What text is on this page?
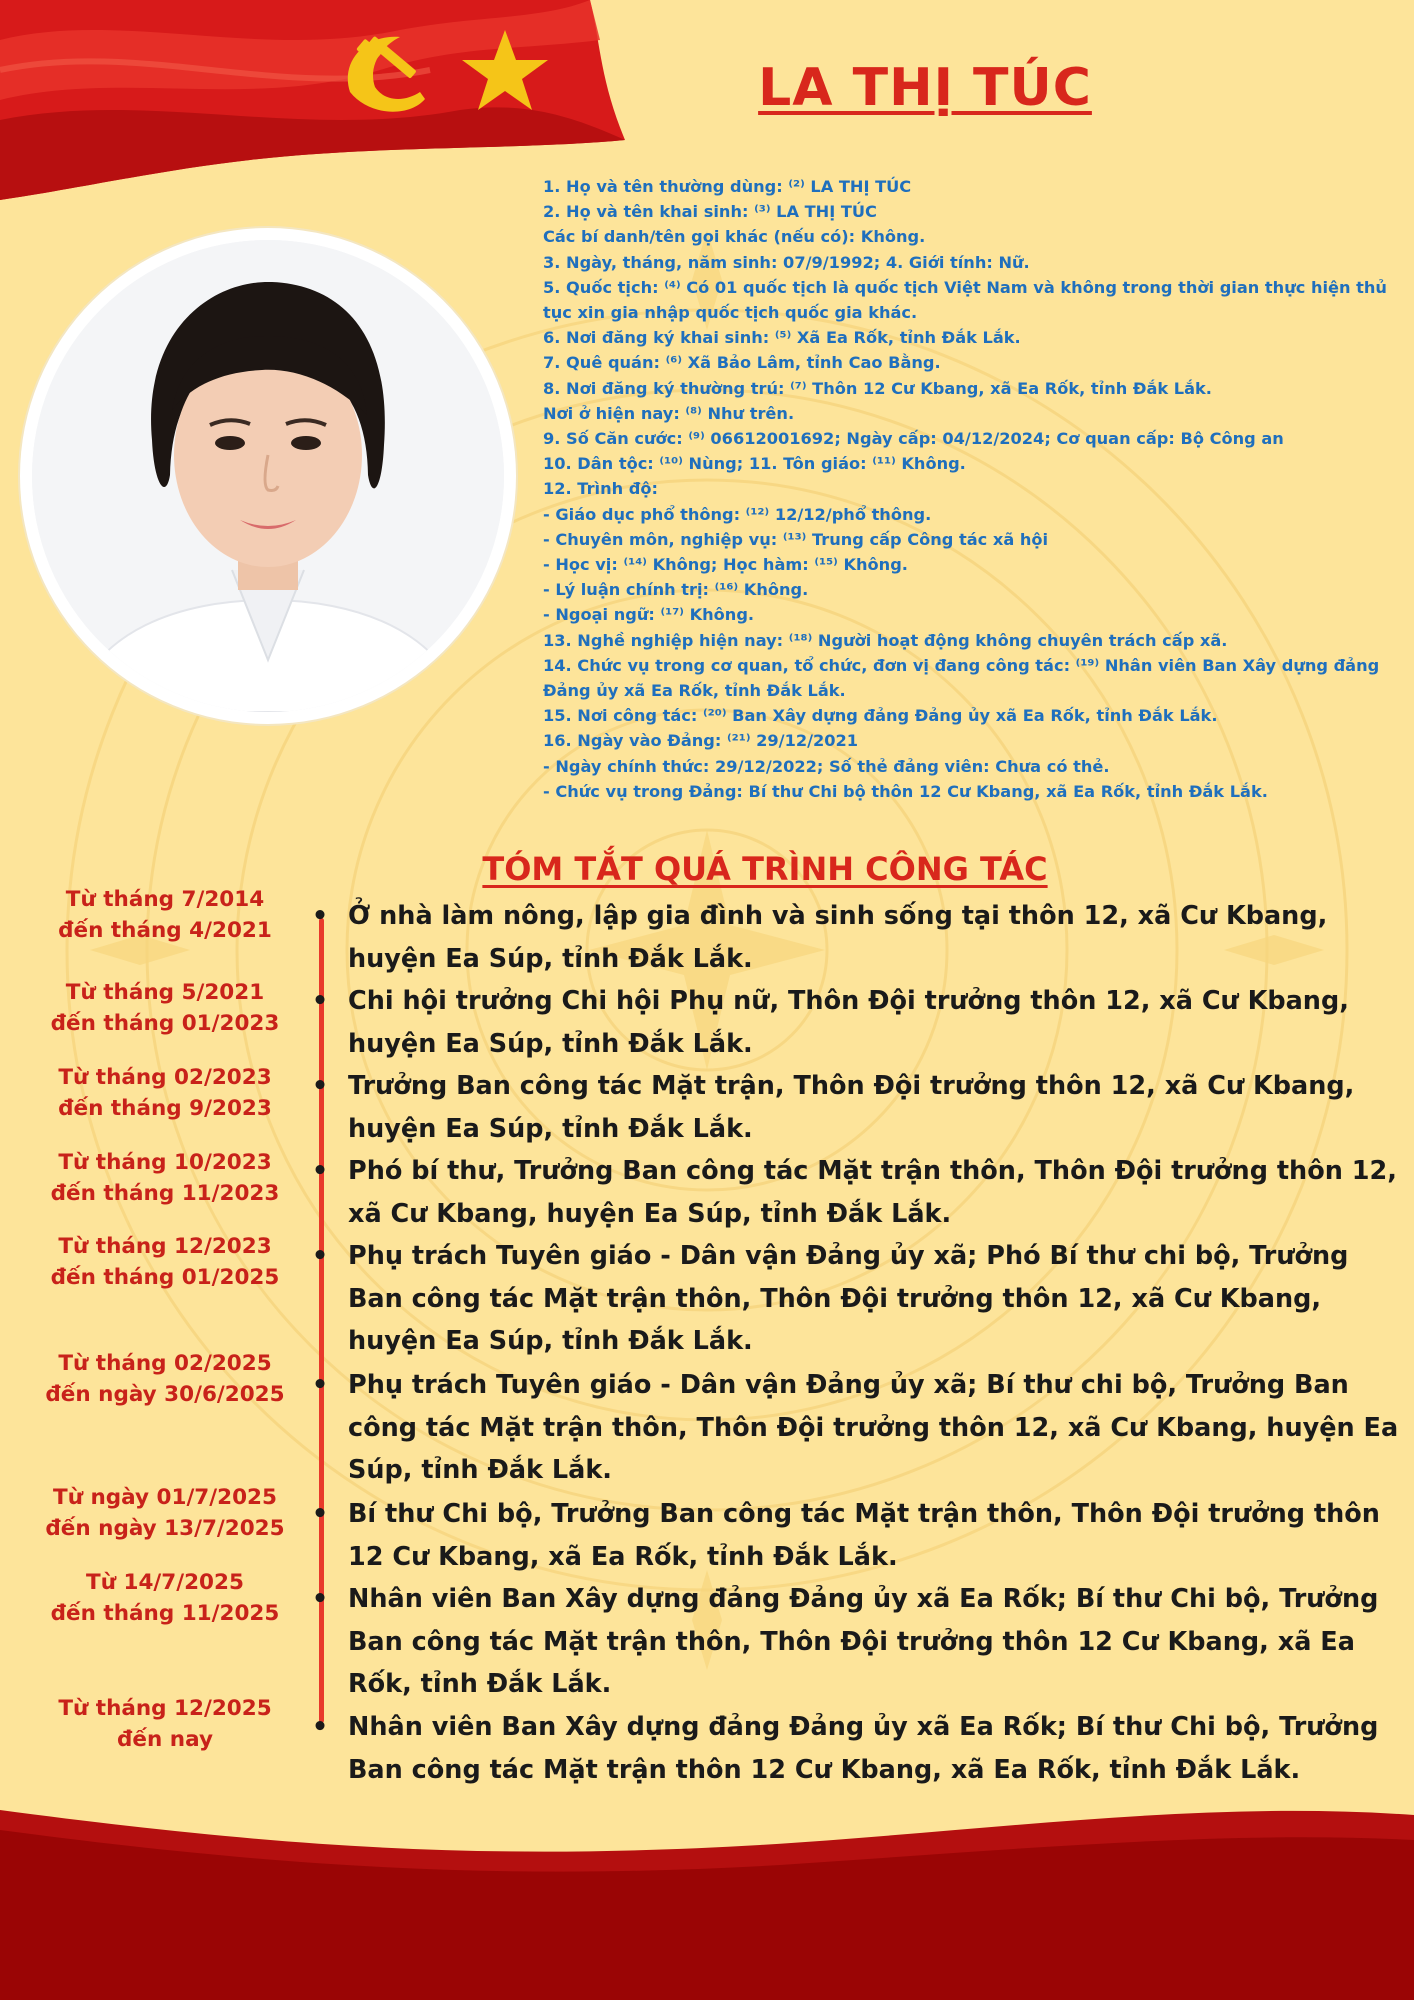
LA THỊ TÚC
1. Họ và tên thường dùng: ⁽²⁾ LA THỊ TÚC
2. Họ và tên khai sinh: ⁽³⁾ LA THỊ TÚC
Các bí danh/tên gọi khác (nếu có): Không.
3. Ngày, tháng, năm sinh: 07/9/1992; 4. Giới tính: Nữ.
5. Quốc tịch: ⁽⁴⁾ Có 01 quốc tịch là quốc tịch Việt Nam và không trong thời gian thực hiện thủ tục xin gia nhập quốc tịch quốc gia khác.
6. Nơi đăng ký khai sinh: ⁽⁵⁾ Xã Ea Rốk, tỉnh Đắk Lắk.
7. Quê quán: ⁽⁶⁾ Xã Bảo Lâm, tỉnh Cao Bằng.
8. Nơi đăng ký thường trú: ⁽⁷⁾ Thôn 12 Cư Kbang, xã Ea Rốk, tỉnh Đắk Lắk.
Nơi ở hiện nay: ⁽⁸⁾ Như trên.
9. Số Căn cước: ⁽⁹⁾ 06612001692; Ngày cấp: 04/12/2024; Cơ quan cấp: Bộ Công an
10. Dân tộc: ⁽¹⁰⁾ Nùng; 11. Tôn giáo: ⁽¹¹⁾ Không.
12. Trình độ:
- Giáo dục phổ thông: ⁽¹²⁾ 12/12/phổ thông.
- Chuyên môn, nghiệp vụ: ⁽¹³⁾ Trung cấp Công tác xã hội
- Học vị: ⁽¹⁴⁾ Không; Học hàm: ⁽¹⁵⁾ Không.
- Lý luận chính trị: ⁽¹⁶⁾ Không.
- Ngoại ngữ: ⁽¹⁷⁾ Không.
13. Nghề nghiệp hiện nay: ⁽¹⁸⁾ Người hoạt động không chuyên trách cấp xã.
14. Chức vụ trong cơ quan, tổ chức, đơn vị đang công tác: ⁽¹⁹⁾ Nhân viên Ban Xây dựng đảng Đảng ủy xã Ea Rốk, tỉnh Đắk Lắk.
15. Nơi công tác: ⁽²⁰⁾ Ban Xây dựng đảng Đảng ủy xã Ea Rốk, tỉnh Đắk Lắk.
16. Ngày vào Đảng: ⁽²¹⁾ 29/12/2021
- Ngày chính thức: 29/12/2022; Số thẻ đảng viên: Chưa có thẻ.
- Chức vụ trong Đảng: Bí thư Chi bộ thôn 12 Cư Kbang, xã Ea Rốk, tỉnh Đắk Lắk.
TÓM TẮT QUÁ TRÌNH CÔNG TÁC
Từ tháng 7/2014
đến tháng 4/2021
Từ tháng 5/2021
đến tháng 01/2023
Từ tháng 02/2023
đến tháng 9/2023
Từ tháng 10/2023
đến tháng 11/2023
Từ tháng 12/2023
đến tháng 01/2025
Từ tháng 02/2025
đến ngày 30/6/2025
Từ ngày 01/7/2025
đến ngày 13/7/2025
Từ 14/7/2025
đến tháng 11/2025
Từ tháng 12/2025
đến nay
• Ở nhà làm nông, lập gia đình và sinh sống tại thôn 12, xã Cư Kbang, huyện Ea Súp, tỉnh Đắk Lắk.
• Chi hội trưởng Chi hội Phụ nữ, Thôn Đội trưởng thôn 12, xã Cư Kbang, huyện Ea Súp, tỉnh Đắk Lắk.
• Trưởng Ban công tác Mặt trận, Thôn Đội trưởng thôn 12, xã Cư Kbang, huyện Ea Súp, tỉnh Đắk Lắk.
• Phó bí thư, Trưởng Ban công tác Mặt trận thôn, Thôn Đội trưởng thôn 12, xã Cư Kbang, huyện Ea Súp, tỉnh Đắk Lắk.
• Phụ trách Tuyên giáo - Dân vận Đảng ủy xã; Phó Bí thư chi bộ, Trưởng Ban công tác Mặt trận thôn, Thôn Đội trưởng thôn 12, xã Cư Kbang, huyện Ea Súp, tỉnh Đắk Lắk.
• Phụ trách Tuyên giáo - Dân vận Đảng ủy xã; Bí thư chi bộ, Trưởng Ban công tác Mặt trận thôn, Thôn Đội trưởng thôn 12, xã Cư Kbang, huyện Ea Súp, tỉnh Đắk Lắk.
• Bí thư Chi bộ, Trưởng Ban công tác Mặt trận thôn, Thôn Đội trưởng thôn 12 Cư Kbang, xã Ea Rốk, tỉnh Đắk Lắk.
• Nhân viên Ban Xây dựng đảng Đảng ủy xã Ea Rốk; Bí thư Chi bộ, Trưởng Ban công tác Mặt trận thôn, Thôn Đội trưởng thôn 12 Cư Kbang, xã Ea Rốk, tỉnh Đắk Lắk.
• Nhân viên Ban Xây dựng đảng Đảng ủy xã Ea Rốk; Bí thư Chi bộ, Trưởng Ban công tác Mặt trận thôn 12 Cư Kbang, xã Ea Rốk, tỉnh Đắk Lắk.
